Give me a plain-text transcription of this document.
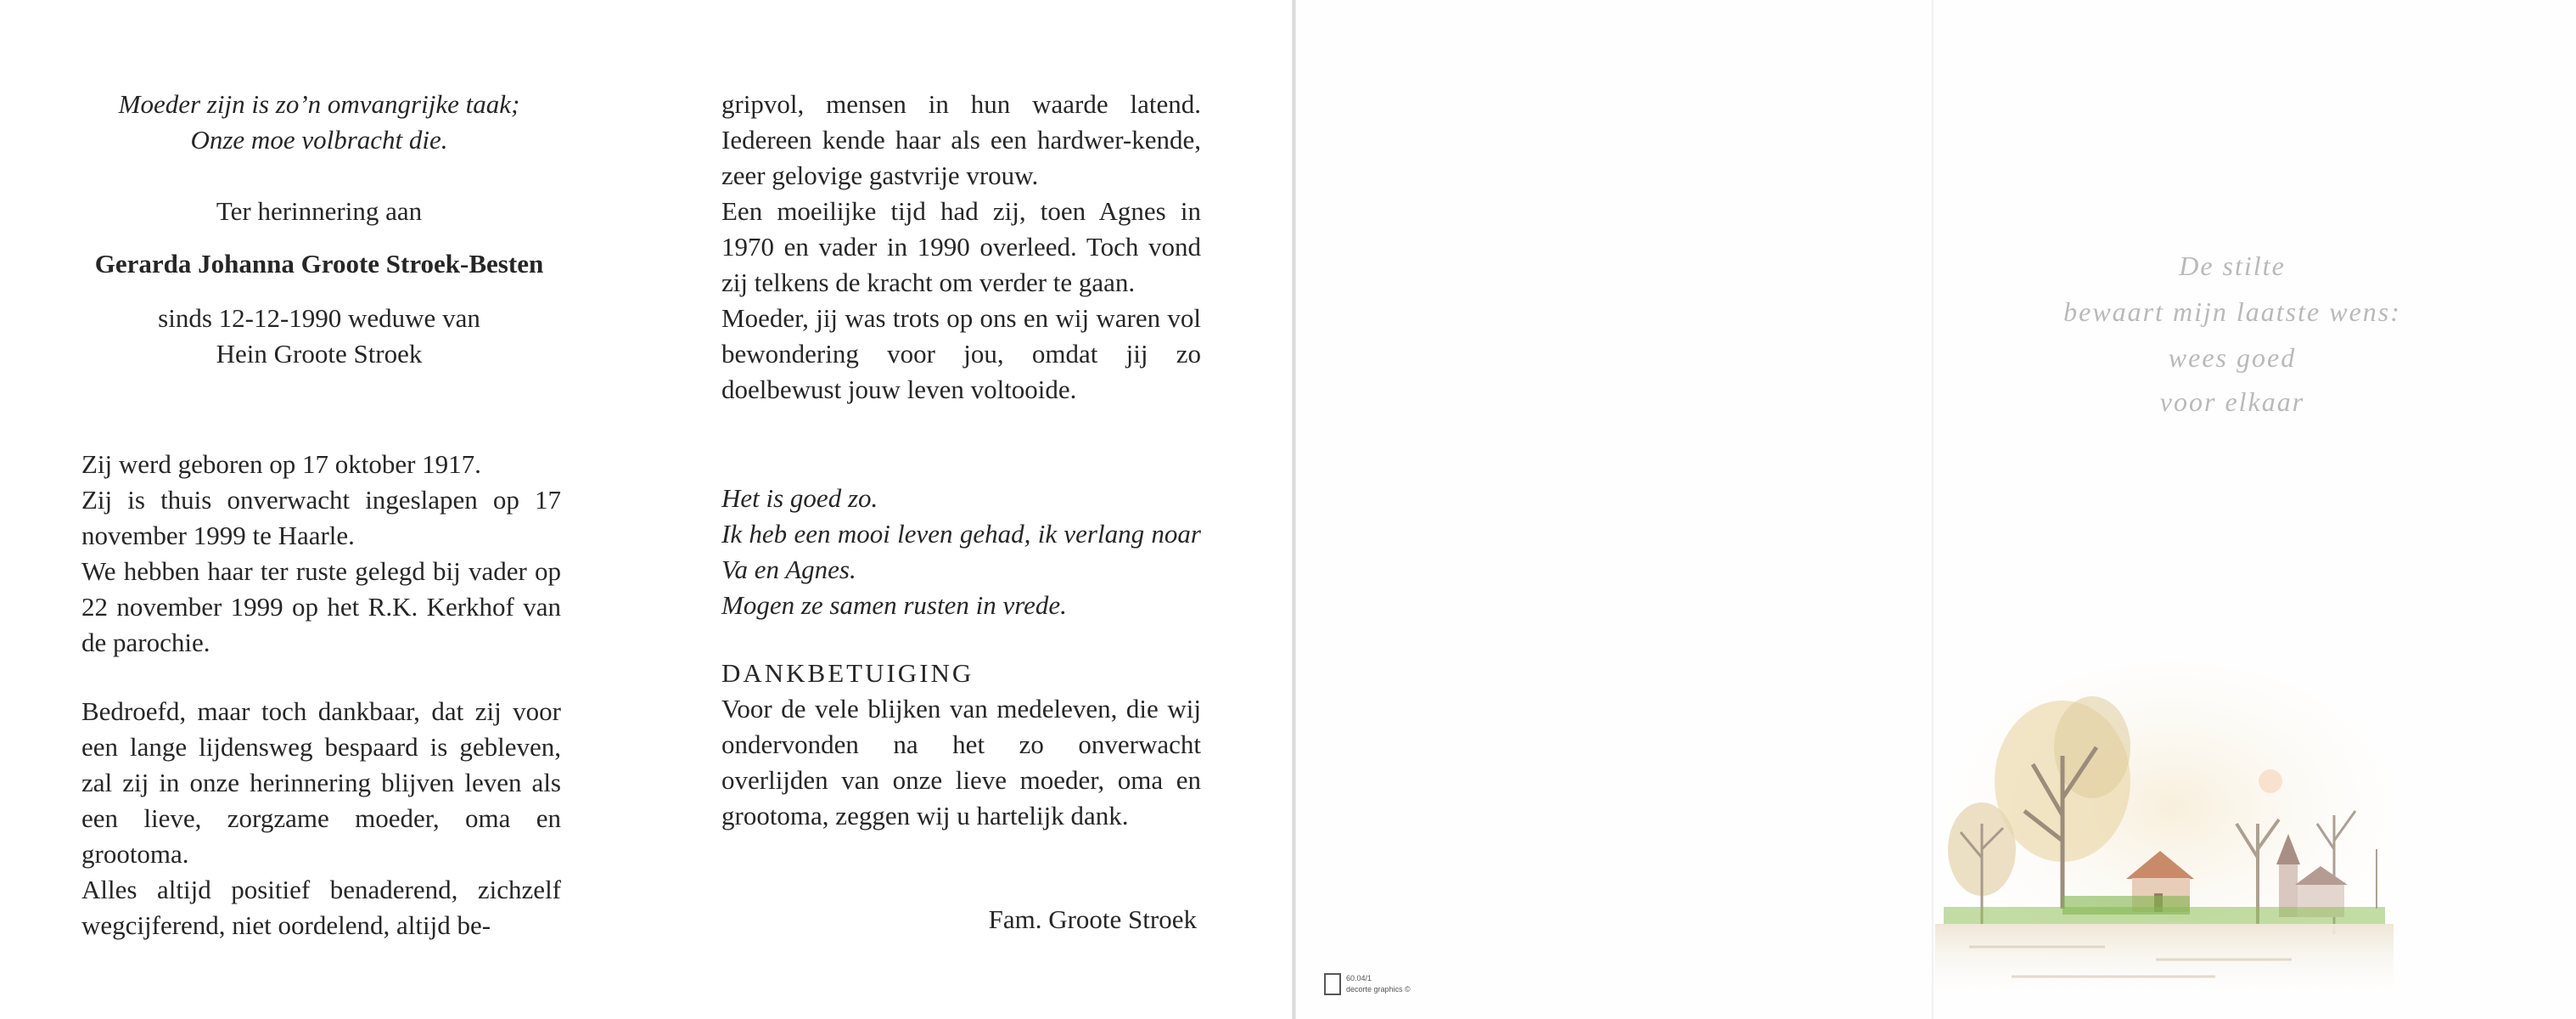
Moeder zijn is zo’n omvangrijke taak;

Onze moe volbracht die.

Ter herinnering aan

Gerarda Johanna Groote Stroek-Besten

sinds 12-12-1990 weduwe van

Hein Groote Stroek

Zij werd geboren op 17 oktober 1917.

Zij is thuis onverwacht ingeslapen op 17 november 1999 te Haarle.

We hebben haar ter ruste gelegd bij vader op 22 november 1999 op het R.K. Kerkhof van de parochie.

Bedroefd, maar toch dankbaar, dat zij voor een lange lijdensweg bespaard is gebleven, zal zij in onze herinnering blijven leven als een lieve, zorgzame moeder, oma en grootoma.

Alles altijd positief benaderend, zichzelf wegcijferend, niet oordelend, altijd be-

gripvol, mensen in hun waarde latend. Iedereen kende haar als een hardwer-kende, zeer gelovige gastvrije vrouw.

Een moeilijke tijd had zij, toen Agnes in 1970 en vader in 1990 overleed. Toch vond zij telkens de kracht om verder te gaan.

Moeder, jij was trots op ons en wij waren vol bewondering voor jou, omdat jij zo doelbewust jouw leven voltooide.

Het is goed zo.

Ik heb een mooi leven gehad, ik verlang noar Va en Agnes.

Mogen ze samen rusten in vrede.

DANKBETUIGING

Voor de vele blijken van medeleven, die wij ondervonden na het zo onverwacht overlijden van onze lieve moeder, oma en grootoma, zeggen wij u hartelijk dank.

Fam. Groote Stroek

De stilte

bewaart mijn laatste wens:

wees goed

voor elkaar

60.04/1

decorte graphics ©
